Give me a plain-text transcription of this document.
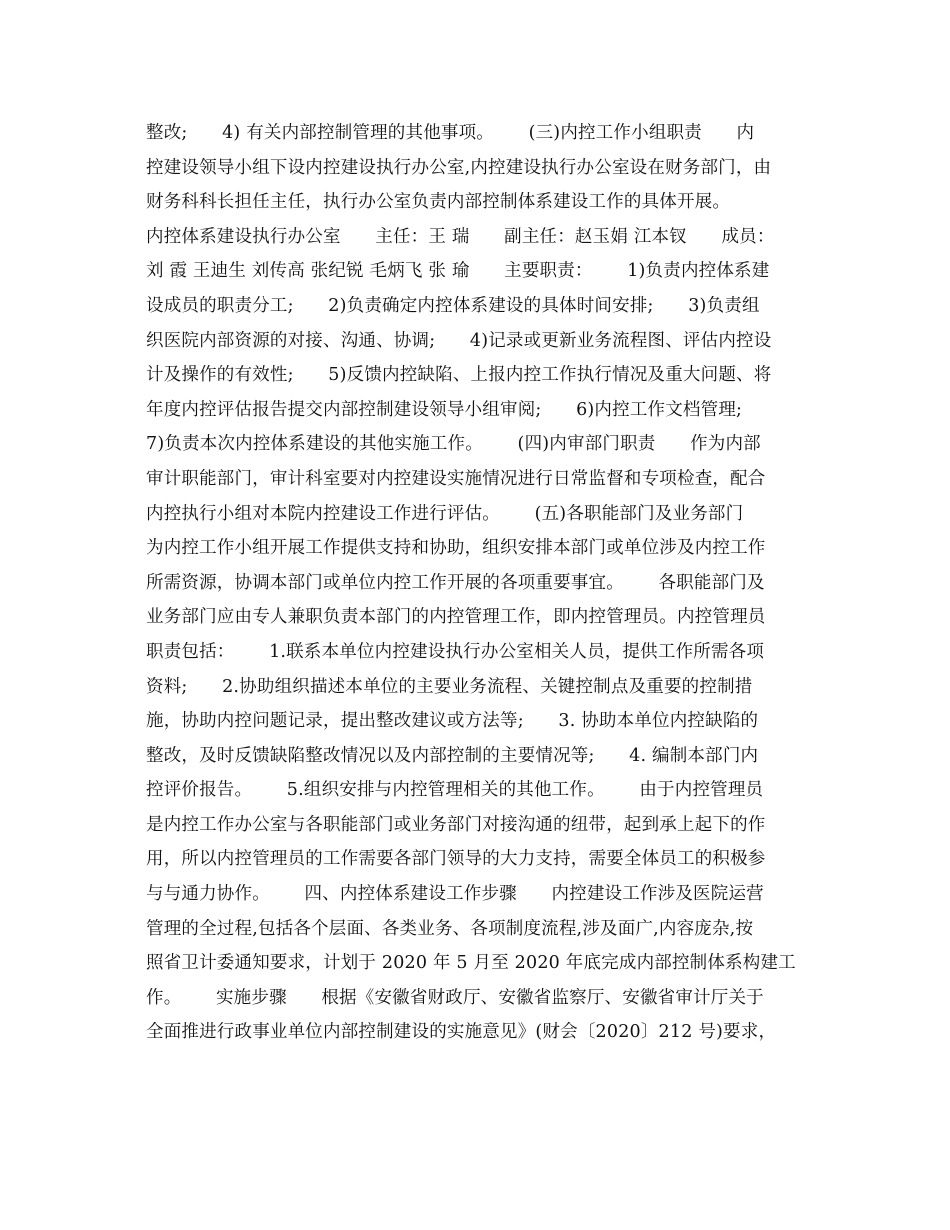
整改;      4) 有关内部控制管理的其他事项。      (三)内控工作小组职责      内
控建设领导小组下设内控建设执行办公室,内控建设执行办公室设在财务部门，由
财务科科长担任主任，执行办公室负责内部控制体系建设工作的具体开展。
内控体系建设执行办公室      主任：王 瑞      副主任：赵玉娟 江本钗      成员：
刘 霞 王迪生 刘传高 张纪锐 毛炳飞 张 瑜      主要职责：      1)负责内控体系建
设成员的职责分工;      2)负责确定内控体系建设的具体时间安排;      3)负责组
织医院内部资源的对接、沟通、协调;      4)记录或更新业务流程图、评估内控设
计及操作的有效性;      5)反馈内控缺陷、上报内控工作执行情况及重大问题、将
年度内控评估报告提交内部控制建设领导小组审阅;      6)内控工作文档管理;
7)负责本次内控体系建设的其他实施工作。      (四)内审部门职责      作为内部
审计职能部门，审计科室要对内控建设实施情况进行日常监督和专项检查，配合
内控执行小组对本院内控建设工作进行评估。      (五)各职能部门及业务部门
为内控工作小组开展工作提供支持和协助，组织安排本部门或单位涉及内控工作
所需资源，协调本部门或单位内控工作开展的各项重要事宜。      各职能部门及
业务部门应由专人兼职负责本部门的内控管理工作，即内控管理员。内控管理员
职责包括：      1.联系本单位内控建设执行办公室相关人员，提供工作所需各项
资料;      2.协助组织描述本单位的主要业务流程、关键控制点及重要的控制措
施，协助内控问题记录，提出整改建议或方法等;      3. 协助本单位内控缺陷的
整改，及时反馈缺陷整改情况以及内部控制的主要情况等;      4. 编制本部门内
控评价报告。      5.组织安排与内控管理相关的其他工作。      由于内控管理员
是内控工作办公室与各职能部门或业务部门对接沟通的纽带，起到承上起下的作
用，所以内控管理员的工作需要各部门领导的大力支持，需要全体员工的积极参
与与通力协作。      四、内控体系建设工作步骤      内控建设工作涉及医院运营
管理的全过程,包括各个层面、各类业务、各项制度流程,涉及面广,内容庞杂,按
照省卫计委通知要求，计划于 2020 年 5 月至 2020 年底完成内部控制体系构建工
作。      实施步骤      根据《安徽省财政厅、安徽省监察厅、安徽省审计厅关于
全面推进行政事业单位内部控制建设的实施意见》(财会〔2020〕212 号)要求，
